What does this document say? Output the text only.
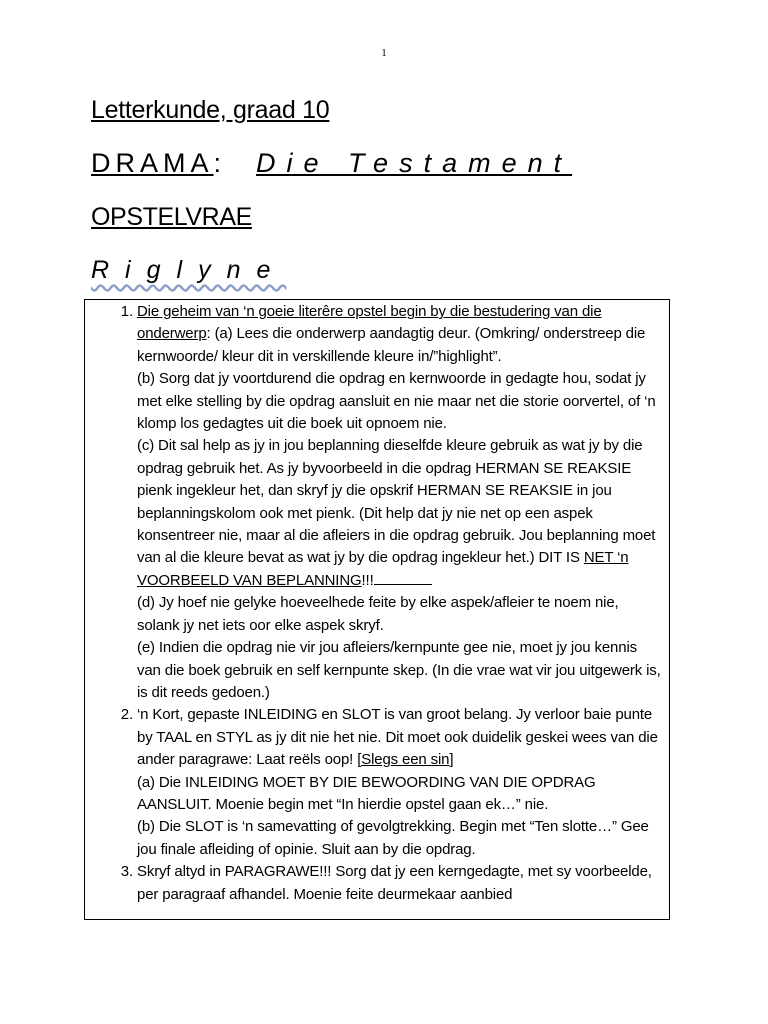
1
Letterkunde, graad 10
DRAMA: Die Testament
OPSTELVRAE
Riglyne
1. Die geheim van ‘n goeie literêre opstel begin by die bestudering van die onderwerp: (a) Lees die onderwerp aandagtig deur. (Omkring/ onderstreep die kernwoorde/ kleur dit in verskillende kleure in/”highlight”.
(b) Sorg dat jy voortdurend die opdrag en kernwoorde in gedagte hou, sodat jy met elke stelling by die opdrag aansluit en nie maar net die storie oorvertel, of ‘n klomp los gedagtes uit die boek uit opnoem nie.
(c) Dit sal help as jy in jou beplanning dieselfde kleure gebruik as wat jy by die opdrag gebruik het. As jy byvoorbeeld in die opdrag HERMAN SE REAKSIE pienk ingekleur het, dan skryf jy die opskrif HERMAN SE REAKSIE in jou beplanningskolom ook met pienk. (Dit help dat jy nie net op een aspek konsentreer nie, maar al die afleiers in die opdrag gebruik. Jou beplanning moet van al die kleure bevat as wat jy by die opdrag ingekleur het.) DIT IS NET ‘n VOORBEELD VAN BEPLANNING!!!
(d) Jy hoef nie gelyke hoeveelhede feite by elke aspek/afleier te noem nie, solank jy net iets oor elke aspek skryf.
(e) Indien die opdrag nie vir jou afleiers/kernpunte gee nie, moet jy jou kennis van die boek gebruik en self kernpunte skep. (In die vrae wat vir jou uitgewerk is, is dit reeds gedoen.)
2. ‘n Kort, gepaste INLEIDING en SLOT is van groot belang. Jy verloor baie punte by TAAL en STYL as jy dit nie het nie. Dit moet ook duidelik geskei wees van die ander paragrawe: Laat reëls oop! [Slegs een sin]
(a) Die INLEIDING MOET BY DIE BEWOORDING VAN DIE OPDRAG AANSLUIT. Moenie begin met “In hierdie opstel gaan ek…” nie.
(b) Die SLOT is ‘n samevatting of gevolgtrekking. Begin met “Ten slotte…” Gee jou finale afleiding of opinie. Sluit aan by die opdrag.
3. Skryf altyd in PARAGRAWE!!! Sorg dat jy een kerngedagte, met sy voorbeelde, per paragraaf afhandel. Moenie feite deurmekaar aanbied
